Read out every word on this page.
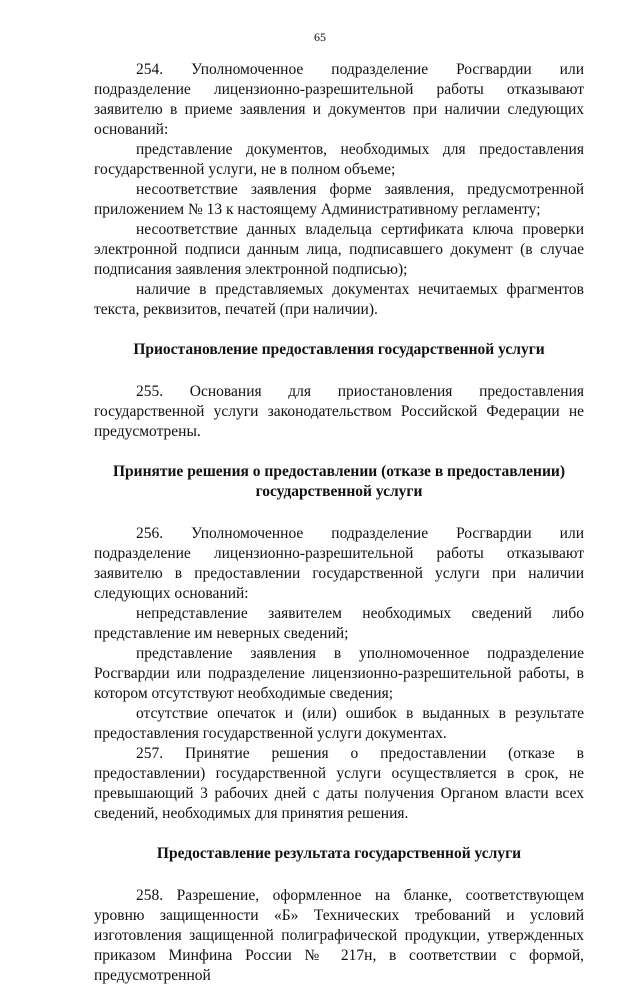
65

254. Уполномоченное подразделение Росгвардии или подразделение лицензионно-разрешительной работы отказывают заявителю в приеме заявления и документов при наличии следующих оснований:

представление документов, необходимых для предоставления государственной услуги, не в полном объеме;

несоответствие заявления форме заявления, предусмотренной приложением № 13 к настоящему Административному регламенту;

несоответствие данных владельца сертификата ключа проверки электронной подписи данным лица, подписавшего документ (в случае подписания заявления электронной подписью);

наличие в представляемых документах нечитаемых фрагментов текста, реквизитов, печатей (при наличии).

Приостановление предоставления государственной услуги

255. Основания для приостановления предоставления государственной услуги законодательством Российской Федерации не предусмотрены.

Принятие решения о предоставлении (отказе в предоставлении) государственной услуги

256. Уполномоченное подразделение Росгвардии или подразделение лицензионно-разрешительной работы отказывают заявителю в предоставлении государственной услуги при наличии следующих оснований:

непредставление заявителем необходимых сведений либо представление им неверных сведений;

представление заявления в уполномоченное подразделение Росгвардии или подразделение лицензионно-разрешительной работы, в котором отсутствуют необходимые сведения;

отсутствие опечаток и (или) ошибок в выданных в результате предоставления государственной услуги документах.

257. Принятие решения о предоставлении (отказе в предоставлении) государственной услуги осуществляется в срок, не превышающий 3 рабочих дней с даты получения Органом власти всех сведений, необходимых для принятия решения.

Предоставление результата государственной услуги

258. Разрешение, оформленное на бланке, соответствующем уровню защищенности «Б» Технических требований и условий изготовления защищенной полиграфической продукции, утвержденных приказом Минфина России № 217н, в соответствии с формой, предусмотренной
